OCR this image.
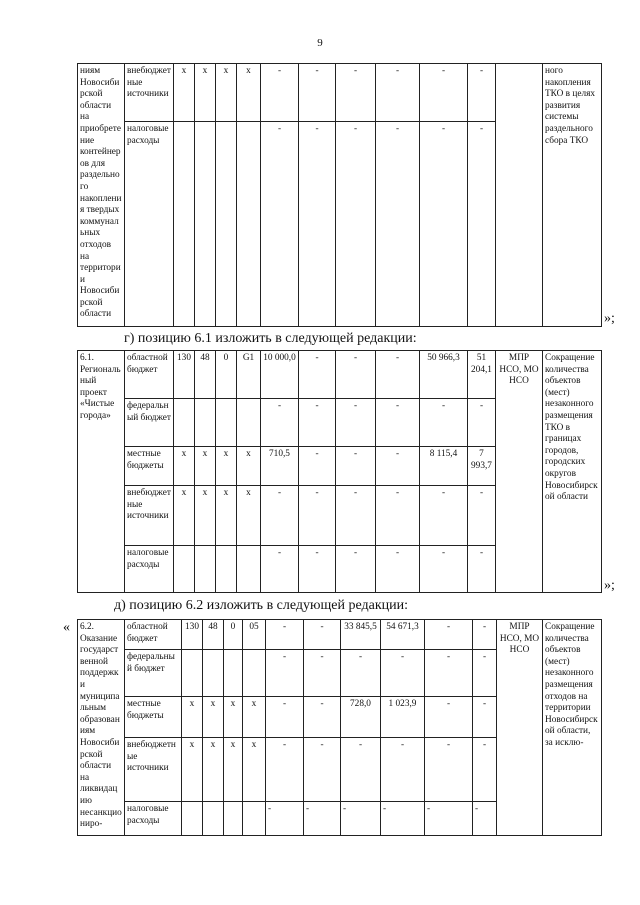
9
ниям Новосибирской области на приобретение контейнеров для раздельного накопления твердых коммунальных отходов на территории Новосибирской области	внебюджетные источники	х	х	х	х	-	-	-	-	-	-		ного накопления ТКО в целях развития системы раздельного сбора ТКО
	налоговые расходы					-	-	-	-	-	-		
»;
г) позицию 6.1 изложить в следующей редакции:
6.1. Региональный проект «Чистые города»	областной бюджет	130	48	0	G1	10 000,0	-	-	-	50 966,3	51 204,1	МПР НСО, МО НСО	Сокращение количества объектов (мест) незаконного размещения ТКО в границах городов, городских округов Новосибирской области
	федеральный бюджет					-	-	-	-	-	-		
	местные бюджеты	х	х	х	х	710,5	-	-	-	8 115,4	7 993,7		
	внебюджетные источники	х	х	х	х	-	-	-	-	-	-		
	налоговые расходы					-	-	-	-	-	-		
»;
д) позицию 6.2 изложить в следующей редакции:
« 6.2. Оказание государственной поддержки муниципальным образованиям Новосибирской области на ликвидацию несанкциониро-	областной бюджет	130	48	0	05	-	-	33 845,5	54 671,3	-	-	МПР НСО, МО НСО	Сокращение количества объектов (мест) незаконного размещения отходов на территории Новосибирской области, за исклю-
	федеральный бюджет					-	-	-	-	-	-		
	местные бюджеты	х	х	х	х	-	-	728,0	1 023,9	-	-		
	внебюджетные источники	х	х	х	х	-	-	-	-	-	-		
	налоговые расходы					-	-	-	-	-	-		
